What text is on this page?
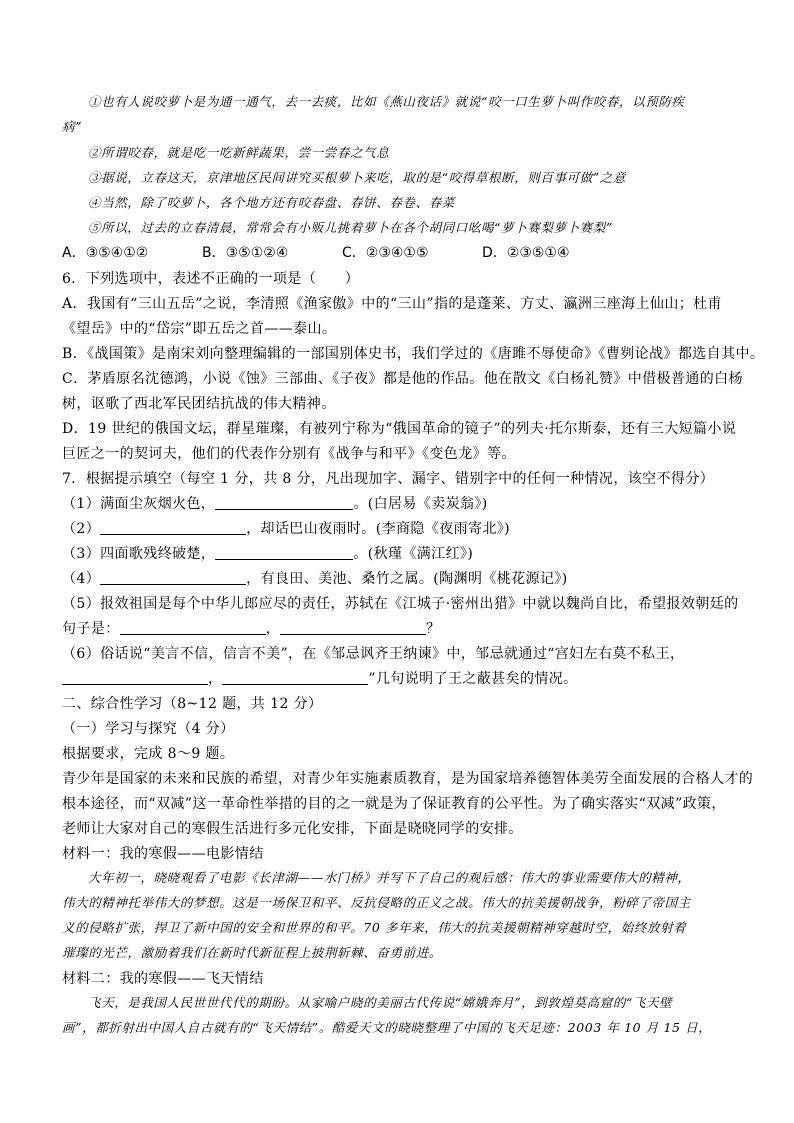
①也有人说咬萝卜是为通一通气，去一去痰，比如《燕山夜话》就说“咬一口生萝卜叫作咬春，以预防疾
病”
②所谓咬春，就是吃一吃新鲜蔬果，尝一尝春之气息
③据说，立春这天，京津地区民间讲究买根萝卜来吃，取的是“咬得草根断，则百事可做”之意
④当然，除了咬萝卜，各个地方还有咬春盘、春饼、春卷、春菜
⑤所以，过去的立春清晨，常常会有小贩儿挑着萝卜在各个胡同口吆喝“萝卜赛梨萝卜赛梨”
A．③⑤④①②	B．③⑤①②④	C．②③④①⑤	D．②③⑤①④
6．下列选项中，表述不正确的一项是（　　）
A．我国有“三山五岳”之说，李清照《渔家傲》中的“三山”指的是蓬莱、方丈、瀛洲三座海上仙山；杜甫
《望岳》中的“岱宗”即五岳之首——泰山。
B．《战国策》是南宋刘向整理编辑的一部国别体史书，我们学过的《唐雎不辱使命》《曹刿论战》都选自其中。
C．茅盾原名沈德鸿，小说《蚀》三部曲、《子夜》都是他的作品。他在散文《白杨礼赞》中借极普通的白杨
树，讴歌了西北军民团结抗战的伟大精神。
D．19 世纪的俄国文坛，群星璀璨，有被列宁称为“俄国革命的镜子”的列夫·托尔斯泰，还有三大短篇小说
巨匠之一的契诃夫，他们的代表作分别有《战争与和平》《变色龙》等。
7．根据提示填空（每空 1 分，共 8 分，凡出现加字、漏字、错别字中的任何一种情况，该空不得分）
（1）满面尘灰烟火色，	。(白居易《卖炭翁》)
（2）	，却话巴山夜雨时。(李商隐《夜雨寄北》)
（3）四面歌残终破楚，	。(秋瑾《满江红》)
（4）	，有良田、美池、桑竹之属。(陶渊明《桃花源记》)
（5）报效祖国是每个中华儿郎应尽的责任，苏轼在《江城子·密州出猎》中就以魏尚自比，希望报效朝廷的
句子是：	，	？
（6）俗话说“美言不信，信言不美”，在《邹忌讽齐王纳谏》中，邹忌就通过“宫妇左右莫不私王，
，	”几句说明了王之蔽甚矣的情况。
二、综合性学习（8~12 题，共 12 分）
（一）学习与探究（4 分）
根据要求，完成 8～9 题。
青少年是国家的未来和民族的希望，对青少年实施素质教育，是为国家培养德智体美劳全面发展的合格人才的
根本途径，而“双减”这一革命性举措的目的之一就是为了保证教育的公平性。为了确实落实“双减”政策，
老师让大家对自己的寒假生活进行多元化安排，下面是晓晓同学的安排。
材料一：我的寒假——电影情结
大年初一，晓晓观看了电影《长津湖——水门桥》并写下了自己的观后感：伟大的事业需要伟大的精神，
伟大的精神托举伟大的梦想。这是一场保卫和平、反抗侵略的正义之战。伟大的抗美援朝战争，粉碎了帝国主
义的侵略扩张，捍卫了新中国的安全和世界的和平。70 多年来，伟大的抗美援朝精神穿越时空，始终放射着
璀璨的光芒，激励着我们在新时代新征程上披荆斩棘、奋勇前进。
材料二：我的寒假——飞天情结
飞天，是我国人民世世代代的期盼。从家喻户晓的美丽古代传说“嫦娥奔月”，到敦煌莫高窟的“飞天壁
画”，都折射出中国人自古就有的“飞天情结”。酷爱天文的晓晓整理了中国的飞天足迹：2003 年 10 月 15 日，
